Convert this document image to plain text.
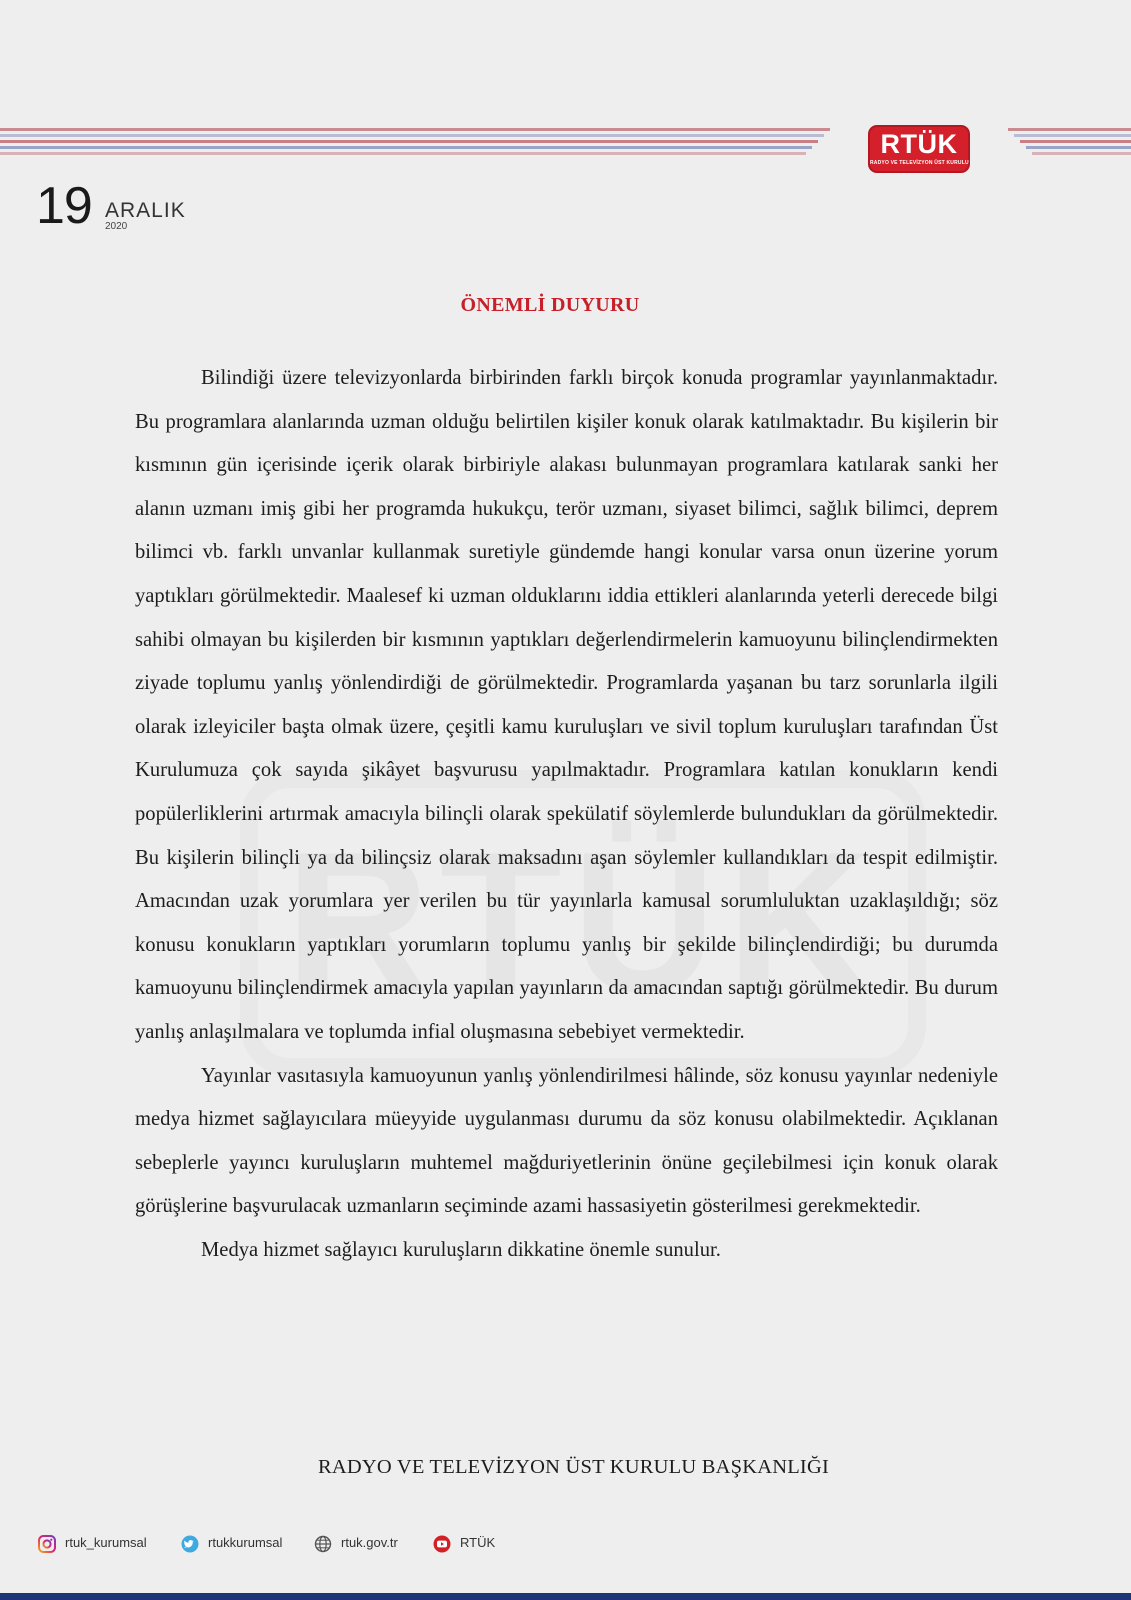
RTÜK
RADYO VE TELEVİZYON ÜST KURULU
19 ARALIK
2020
ÖNEMLİ DUYURU

Bilindiği üzere televizyonlarda birbirinden farklı birçok konuda programlar yayınlanmaktadır. Bu programlara alanlarında uzman olduğu belirtilen kişiler konuk olarak katılmaktadır. Bu kişilerin bir kısmının gün içerisinde içerik olarak birbiriyle alakası bulunmayan programlara katılarak sanki her alanın uzmanı imiş gibi her programda hukukçu, terör uzmanı, siyaset bilimci, sağlık bilimci, deprem bilimci vb. farklı unvanlar kullanmak suretiyle gündemde hangi konular varsa onun üzerine yorum yaptıkları görülmektedir. Maalesef ki uzman olduklarını iddia ettikleri alanlarında yeterli derecede bilgi sahibi olmayan bu kişilerden bir kısmının yaptıkları değerlendirmelerin kamuoyunu bilinçlendirmekten ziyade toplumu yanlış yönlendirdiği de görülmektedir. Programlarda yaşanan bu tarz sorunlarla ilgili olarak izleyiciler başta olmak üzere, çeşitli kamu kuruluşları ve sivil toplum kuruluşları tarafından Üst Kurulumuza çok sayıda şikâyet başvurusu yapılmaktadır. Programlara katılan konukların kendi popülerliklerini artırmak amacıyla bilinçli olarak spekülatif söylemlerde bulundukları da görülmektedir. Bu kişilerin bilinçli ya da bilinçsiz olarak maksadını aşan söylemler kullandıkları da tespit edilmiştir. Amacından uzak yorumlara yer verilen bu tür yayınlarla kamusal sorumluluktan uzaklaşıldığı; söz konusu konukların yaptıkları yorumların toplumu yanlış bir şekilde bilinçlendirdiği; bu durumda kamuoyunu bilinçlendirmek amacıyla yapılan yayınların da amacından saptığı görülmektedir. Bu durum yanlış anlaşılmalara ve toplumda infial oluşmasına sebebiyet vermektedir.

Yayınlar vasıtasıyla kamuoyunun yanlış yönlendirilmesi hâlinde, söz konusu yayınlar nedeniyle medya hizmet sağlayıcılara müeyyide uygulanması durumu da söz konusu olabilmektedir. Açıklanan sebeplerle yayıncı kuruluşların muhtemel mağduriyetlerinin önüne geçilebilmesi için konuk olarak görüşlerine başvurulacak uzmanların seçiminde azami hassasiyetin gösterilmesi gerekmektedir.

Medya hizmet sağlayıcı kuruluşların dikkatine önemle sunulur.

RADYO VE TELEVİZYON ÜST KURULU BAŞKANLIĞI
rtuk_kurumsal	rtukkurumsal	rtuk.gov.tr	RTÜK
